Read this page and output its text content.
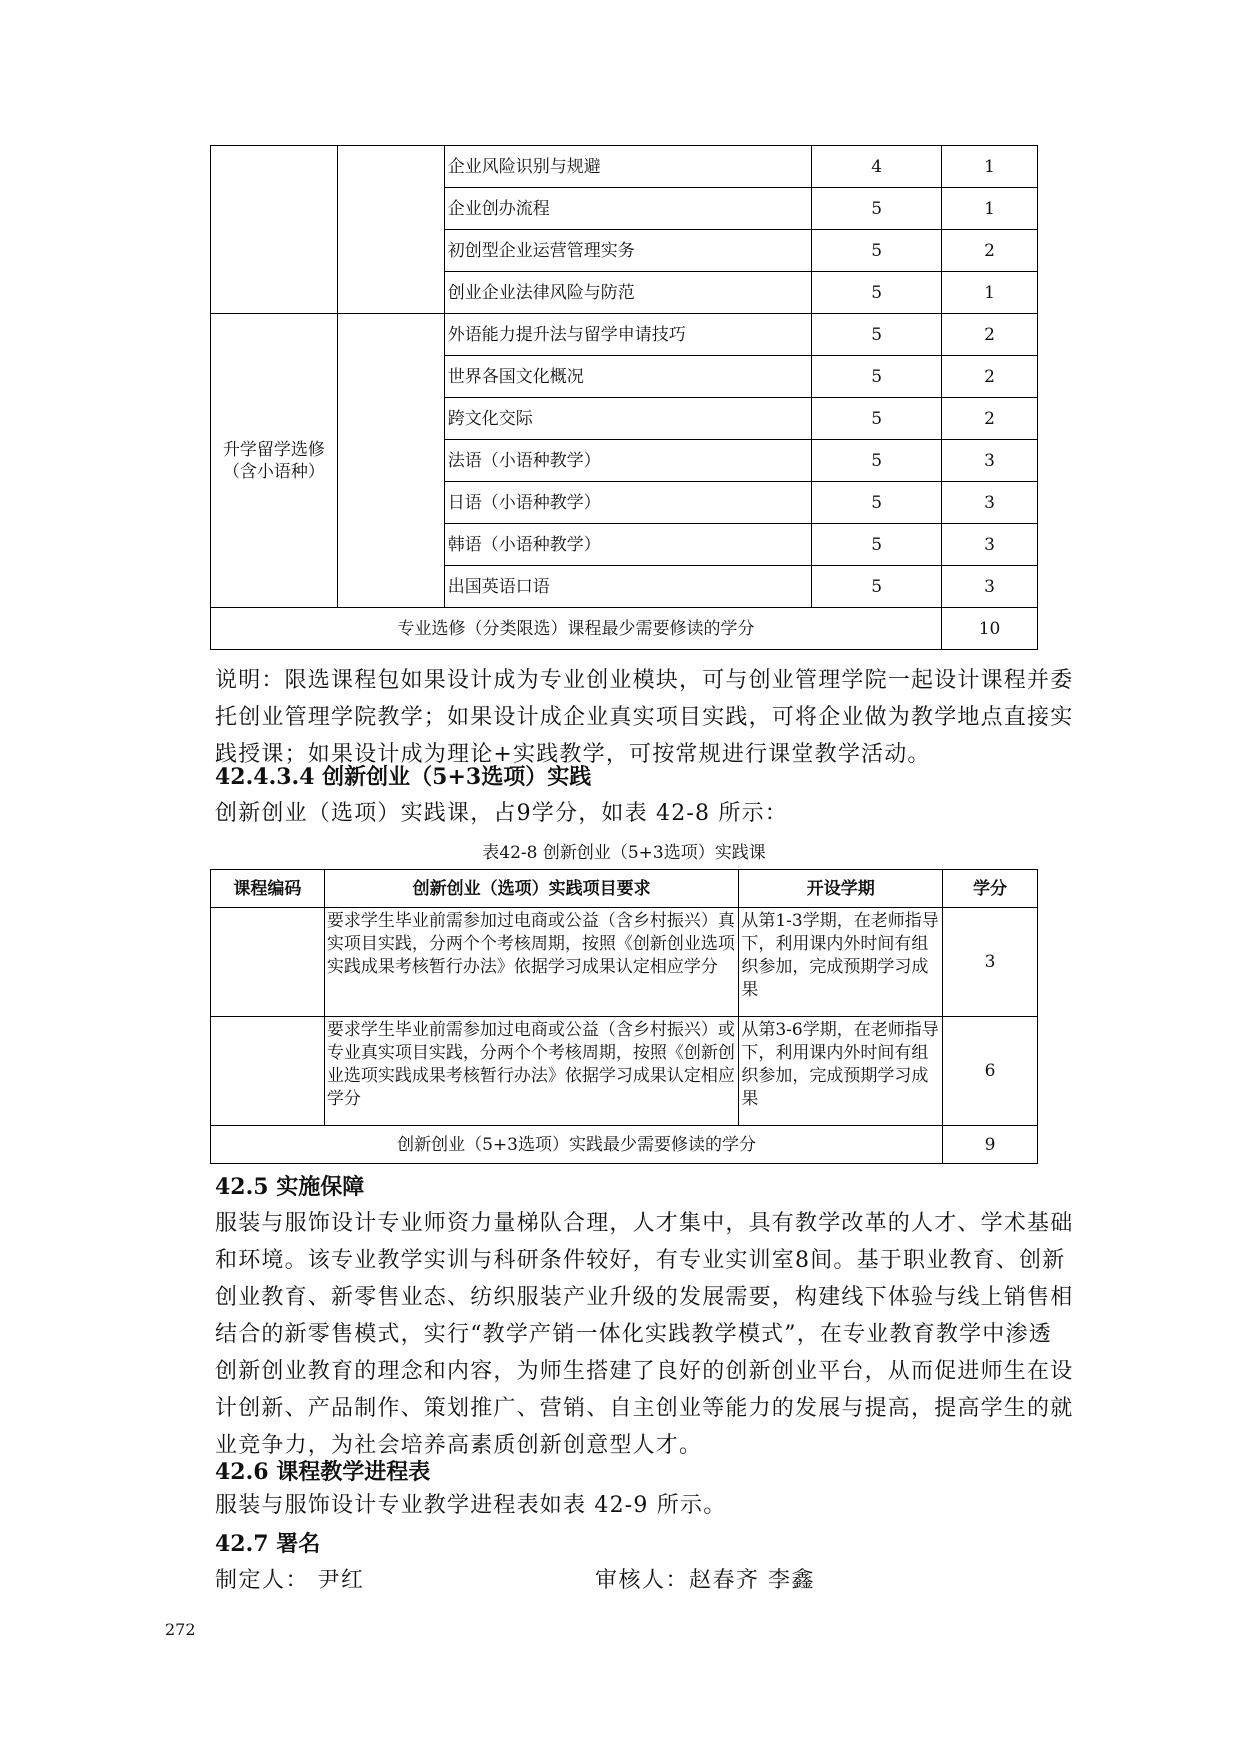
		企业风险识别与规避	4	1
		企业创办流程	5	1
		初创型企业运营管理实务	5	2
		创业企业法律风险与防范	5	1
升学留学选修（含小语种）		外语能力提升法与留学申请技巧	5	2
		世界各国文化概况	5	2
		跨文化交际	5	2
		法语（小语种教学）	5	3
		日语（小语种教学）	5	3
		韩语（小语种教学）	5	3
		出国英语口语	5	3
专业选修（分类限选）课程最少需要修读的学分				10

说明：限选课程包如果设计成为专业创业模块，可与创业管理学院一起设计课程并委托创业管理学院教学；如果设计成企业真实项目实践，可将企业做为教学地点直接实践授课；如果设计成为理论+实践教学，可按常规进行课堂教学活动。

42.4.3.4 创新创业（5+3选项）实践
创新创业（选项）实践课，占9学分，如表 42-8 所示：
表42-8 创新创业（5+3选项）实践课
课程编码	创新创业（选项）实践项目要求	开设学期	学分
	要求学生毕业前需参加过电商或公益（含乡村振兴）真实项目实践，分两个个考核周期，按照《创新创业选项实践成果考核暂行办法》依据学习成果认定相应学分	从第1-3学期，在老师指导下，利用课内外时间有组织参加，完成预期学习成果	3
	要求学生毕业前需参加过电商或公益（含乡村振兴）或专业真实项目实践，分两个个考核周期，按照《创新创业选项实践成果考核暂行办法》依据学习成果认定相应学分	从第3-6学期，在老师指导下，利用课内外时间有组织参加，完成预期学习成果	6
创新创业（5+3选项）实践最少需要修读的学分			9
42.5 实施保障

服装与服饰设计专业师资力量梯队合理，人才集中，具有教学改革的人才、学术基础和环境。该专业教学实训与科研条件较好，有专业实训室8间。基于职业教育、创新创业教育、新零售业态、纺织服装产业升级的发展需要，构建线下体验与线上销售相结合的新零售模式，实行“教学产销一体化实践教学模式”，在专业教育教学中渗透创新创业教育的理念和内容，为师生搭建了良好的创新创业平台，从而促进师生在设计创新、产品制作、策划推广、营销、自主创业等能力的发展与提高，提高学生的就业竞争力，为社会培养高素质创新创意型人才。

42.6 课程教学进程表
服装与服饰设计专业教学进程表如表 42-9 所示。
42.7 署名
制定人： 尹红	审核人：赵春齐 李鑫
272
